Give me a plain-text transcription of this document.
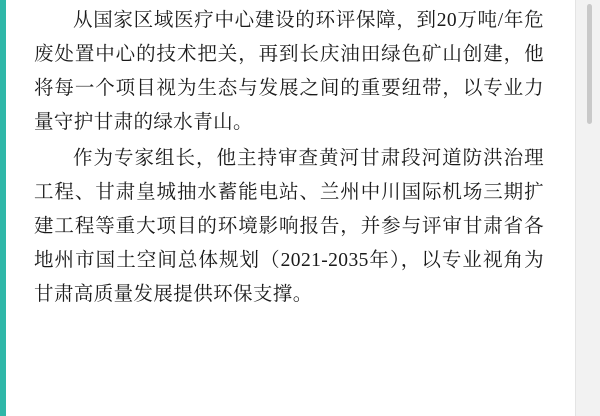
从国家区域医疗中心建设的环评保障，到20万吨/年危废处置中心的技术把关，再到长庆油田绿色矿山创建，他将每一个项目视为生态与发展之间的重要纽带，以专业力量守护甘肃的绿水青山。

作为专家组长，他主持审查黄河甘肃段河道防洪治理工程、甘肃皇城抽水蓄能电站、兰州中川国际机场三期扩建工程等重大项目的环境影响报告，并参与评审甘肃省各地州市国土空间总体规划（2021-2035年），以专业视角为甘肃高质量发展提供环保支撑。
